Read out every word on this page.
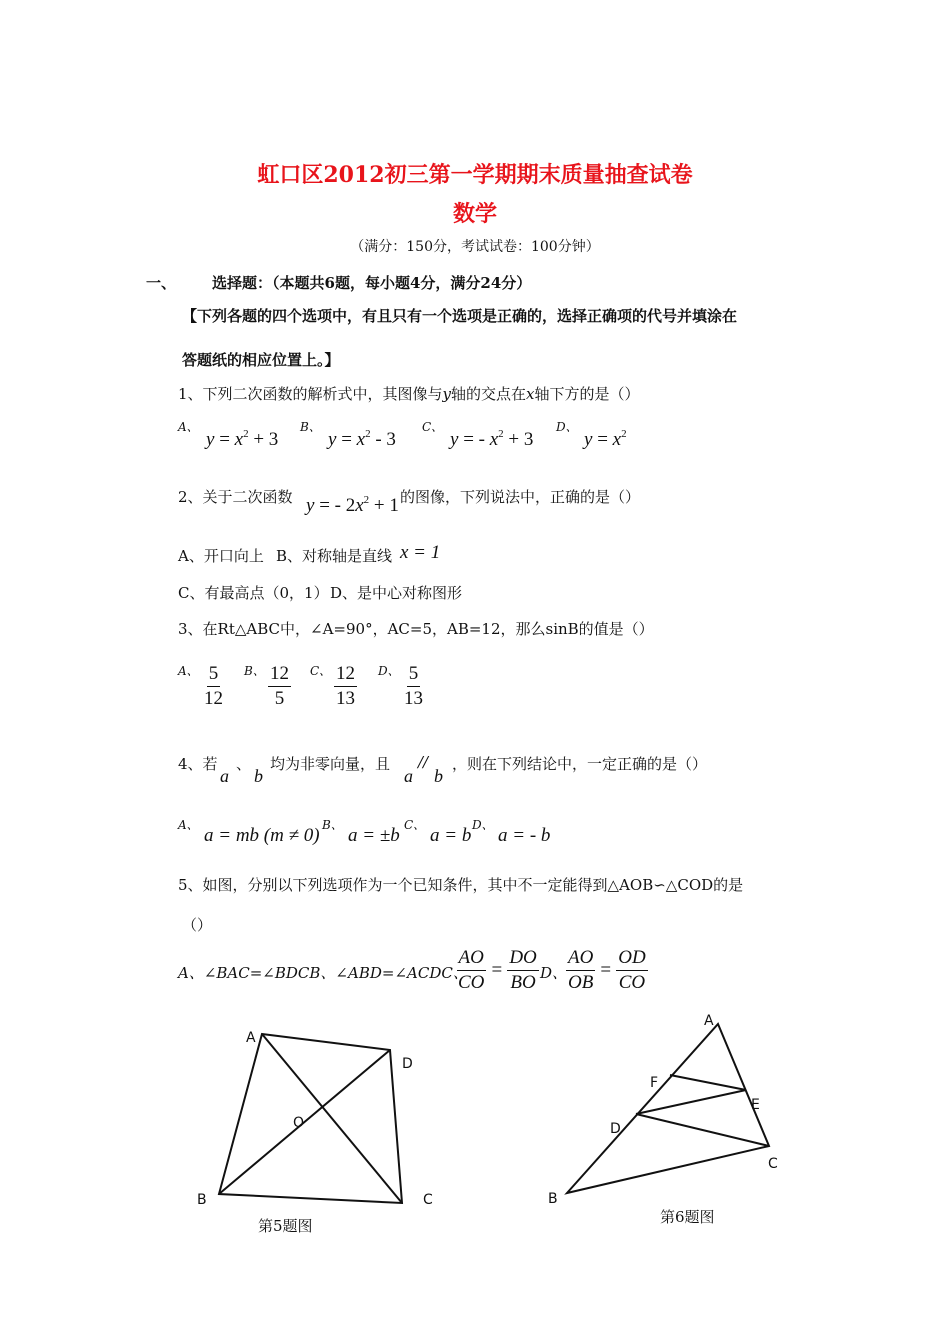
虹口区2012初三第一学期期末质量抽查试卷
数学
（满分：150分，考试试卷：100分钟）
一、 选择题：（本题共6题，每小题4分，满分24分）
【下列各题的四个选项中，有且只有一个选项是正确的，选择正确项的代号并填涂在
答题纸的相应位置上。】
1、下列二次函数的解析式中，其图像与y轴的交点在x轴下方的是（）
A、
$y = x^2 + 3$
B、
$y = x^2 - 3$
C、
y = - $x^2 + 3$
D、
$y = x^2$
2、关于二次函数 y = - $2x^2 + 1$ 的图像，下列说法中，正确的是（）
A、开口向上 B、对称轴是直线 x = 1
C、有最高点（0，1） D、是中心对称图形
3、在Rt△ABC中，∠A=90°，AC=5，AB=12，那么sinB的值是（）
A、 $\frac{5}{12}$ B、 $\frac{12}{5}$ C、 $\frac{12}{13}$ D、 $\frac{5}{13}$
4、若
a
、
b
均为非零向量，且
a
//
b
，则在下列结论中，一定正确的是（）
A、 a = mb (m ≠ 0) B、 a = ±b C、 a = b D、 a = - b
5、如图，分别以下列选项作为一个已知条件，其中不一定能得到△AOB∽△COD的是
（）
A、∠BAC=∠BDCB、∠ABD=∠ACDC、
$\frac{AO}{CO} = \frac{DO}{BO}$ D、
$\frac{AO}{OB} = \frac{OD}{CO}$
A
D
O
B	C
第5题图
A
F
E
D
C
B
第6题图
